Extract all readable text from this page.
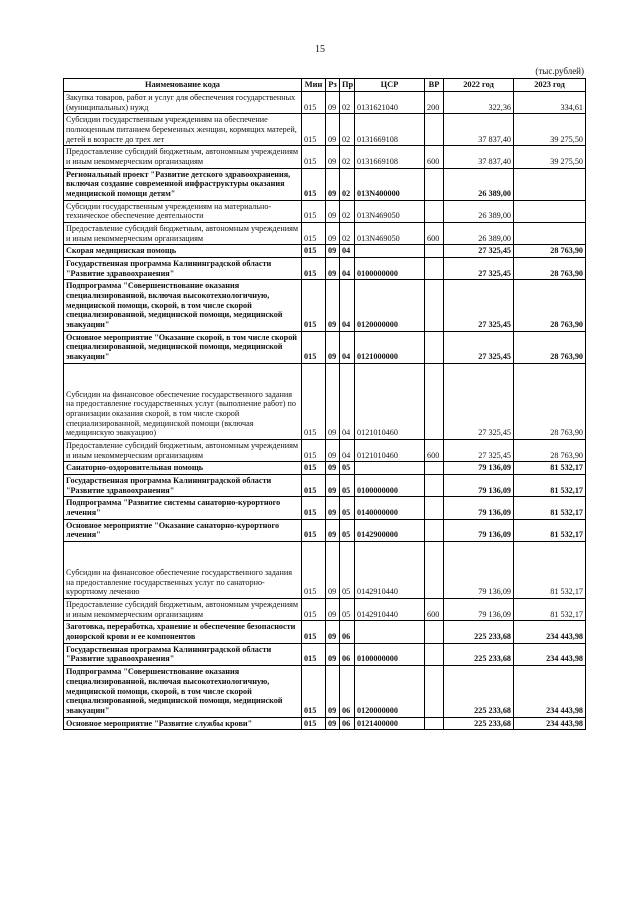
15
(тыс.рублей)
Наименование кода	Мин	Рз	Пр	ЦСР	ВР	2022 год	2023 год
Закупка товаров, работ и услуг для обеспечения государственных (муниципальных) нужд	015	09	02	0131621040	200	322,36	334,61
Субсидии государственным учреждениям на обеспечение полноценным питанием беременных женщин, кормящих матерей, детей в возрасте до трех лет	015	09	02	0131669108		37 837,40	39 275,50
Предоставление субсидий бюджетным, автономным учреждениям и иным некоммерческим организациям	015	09	02	0131669108	600	37 837,40	39 275,50
Региональный проект "Развитие детского здравоохранения, включая создание современной инфраструктуры оказания медицинской помощи детям"	015	09	02	013N400000		26 389,00	
Субсидии государственным учреждениям на материально-техническое обеспечение деятельности	015	09	02	013N469050		26 389,00	
Предоставление субсидий бюджетным, автономным учреждениям и иным некоммерческим организациям	015	09	02	013N469050	600	26 389,00	
Скорая медицинская помощь	015	09	04			27 325,45	28 763,90
Государственная программа Калининградской области "Развитие здравоохранения"	015	09	04	0100000000		27 325,45	28 763,90
Подпрограмма "Совершенствование оказания специализированной, включая высокотехнологичную, медицинской помощи, скорой, в том числе скорой специализированной, медицинской помощи, медицинской эвакуации"	015	09	04	0120000000		27 325,45	28 763,90
Основное мероприятие "Оказание скорой, в том числе скорой специализированной, медицинской помощи, медицинской эвакуации"	015	09	04	0121000000		27 325,45	28 763,90
Субсидии на финансовое обеспечение государственного задания на предоставление государственных услуг (выполнение работ) по организации оказания скорой, в том числе скорой специализированной, медицинской помощи (включая медицинскую эвакуацию)	015	09	04	0121010460		27 325,45	28 763,90
Предоставление субсидий бюджетным, автономным учреждениям и иным некоммерческим организациям	015	09	04	0121010460	600	27 325,45	28 763,90
Санаторно-оздоровительная помощь	015	09	05			79 136,09	81 532,17
Государственная программа Калининградской области "Развитие здравоохранения"	015	09	05	0100000000		79 136,09	81 532,17
Подпрограмма "Развитие системы санаторно-курортного лечения"	015	09	05	0140000000		79 136,09	81 532,17
Основное мероприятие "Оказание санаторно-курортного лечения"	015	09	05	0142900000		79 136,09	81 532,17
Субсидии на финансовое обеспечение государственного задания на предоставление государственных услуг по санаторно-курортному лечению	015	09	05	0142910440		79 136,09	81 532,17
Предоставление субсидий бюджетным, автономным учреждениям и иным некоммерческим организациям	015	09	05	0142910440	600	79 136,09	81 532,17
Заготовка, переработка, хранение и обеспечение безопасности донорской крови и ее компонентов	015	09	06			225 233,68	234 443,98
Государственная программа Калининградской области "Развитие здравоохранения"	015	09	06	0100000000		225 233,68	234 443,98
Подпрограмма "Совершенствование оказания специализированной, включая высокотехнологичную, медицинской помощи, скорой, в том числе скорой специализированной, медицинской помощи, медицинской эвакуации"	015	09	06	0120000000		225 233,68	234 443,98
Основное мероприятие "Развитие службы крови"	015	09	06	0121400000		225 233,68	234 443,98
